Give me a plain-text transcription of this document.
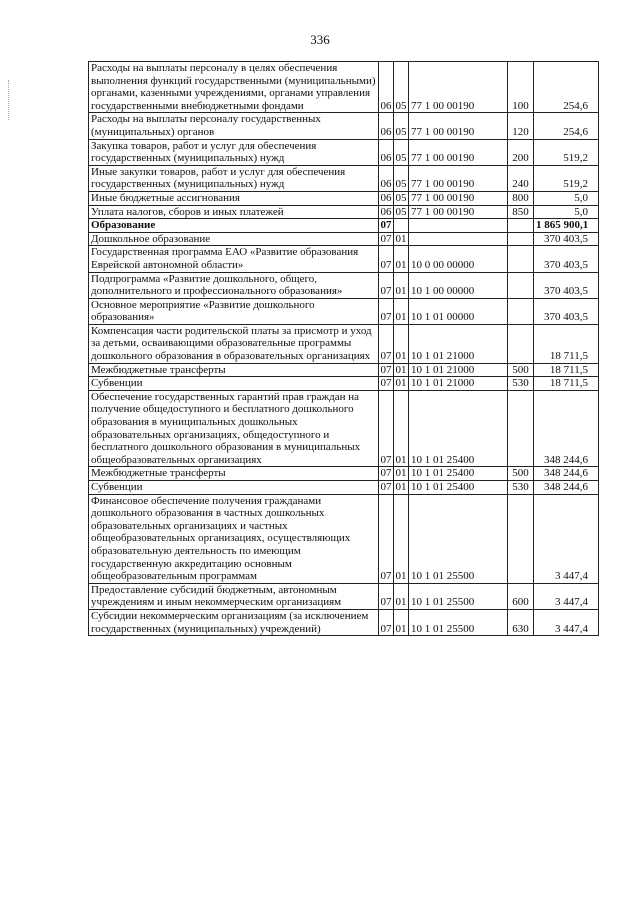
336
Расходы на выплаты персоналу в целях обеспечения выполнения функций государственными (муниципальными) органами, казенными учреждениями, органами управления государственными внебюджетными фондами	06	05	77 1 00 00190	100	254,6
Расходы на выплаты персоналу государственных (муниципальных) органов	06	05	77 1 00 00190	120	254,6
Закупка товаров, работ и услуг для обеспечения государственных (муниципальных) нужд	06	05	77 1 00 00190	200	519,2
Иные закупки товаров, работ и услуг для обеспечения государственных (муниципальных) нужд	06	05	77 1 00 00190	240	519,2
Иные бюджетные ассигнования	06	05	77 1 00 00190	800	5,0
Уплата налогов, сборов и иных платежей	06	05	77 1 00 00190	850	5,0
Образование	07				1 865 900,1
Дошкольное образование	07	01			370 403,5
Государственная программа ЕАО «Развитие образования Еврейской автономной области»	07	01	10 0 00 00000		370 403,5
Подпрограмма «Развитие дошкольного, общего, дополнительного и профессионального образования»	07	01	10 1 00 00000		370 403,5
Основное мероприятие «Развитие дошкольного образования»	07	01	10 1 01 00000		370 403,5
Компенсация части родительской платы за присмотр и уход за детьми, осваивающими образовательные программы дошкольного образования в образовательных организациях	07	01	10 1 01 21000		18 711,5
Межбюджетные трансферты	07	01	10 1 01 21000	500	18 711,5
Субвенции	07	01	10 1 01 21000	530	18 711,5
Обеспечение государственных гарантий прав граждан на получение общедоступного и бесплатного дошкольного образования в муниципальных дошкольных образовательных организациях, общедоступного и бесплатного дошкольного образования в муниципальных общеобразовательных организациях	07	01	10 1 01 25400		348 244,6
Межбюджетные трансферты	07	01	10 1 01 25400	500	348 244,6
Субвенции	07	01	10 1 01 25400	530	348 244,6
Финансовое обеспечение получения гражданами дошкольного образования в частных дошкольных образовательных организациях и частных общеобразовательных организациях, осуществляющих образовательную деятельность по имеющим государственную аккредитацию основным общеобразовательным программам	07	01	10 1 01 25500		3 447,4
Предоставление субсидий бюджетным, автономным учреждениям и иным некоммерческим организациям	07	01	10 1 01 25500	600	3 447,4
Субсидии некоммерческим организациям (за исключением государственных (муниципальных) учреждений)	07	01	10 1 01 25500	630	3 447,4
